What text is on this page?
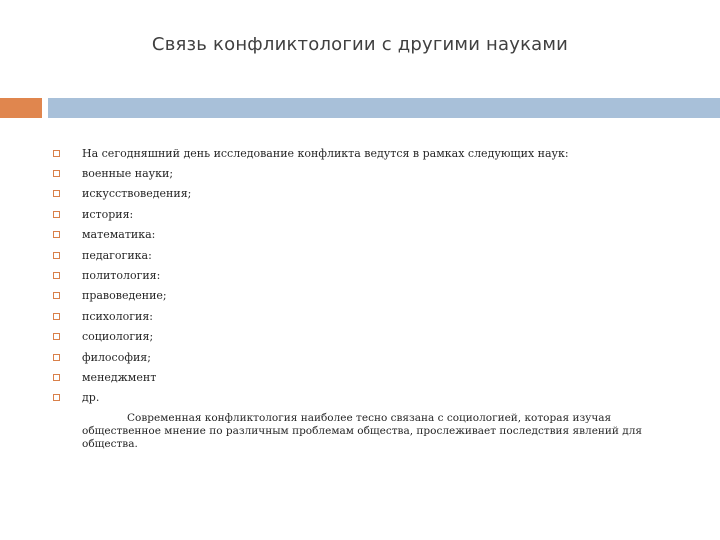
Связь конфликтологии с другими науками
На сегодняшний день исследование конфликта ведутся в рамках следующих наук:
военные науки;
искусствоведения;
история:
математика:
педагогика:
политология:
правоведение;
психология:
социология;
философия;
менеджмент
др.

Современная конфликтология наиболее тесно связана с социологией, которая изучая общественное мнение по различным проблемам общества, прослеживает последствия явлений для общества.
